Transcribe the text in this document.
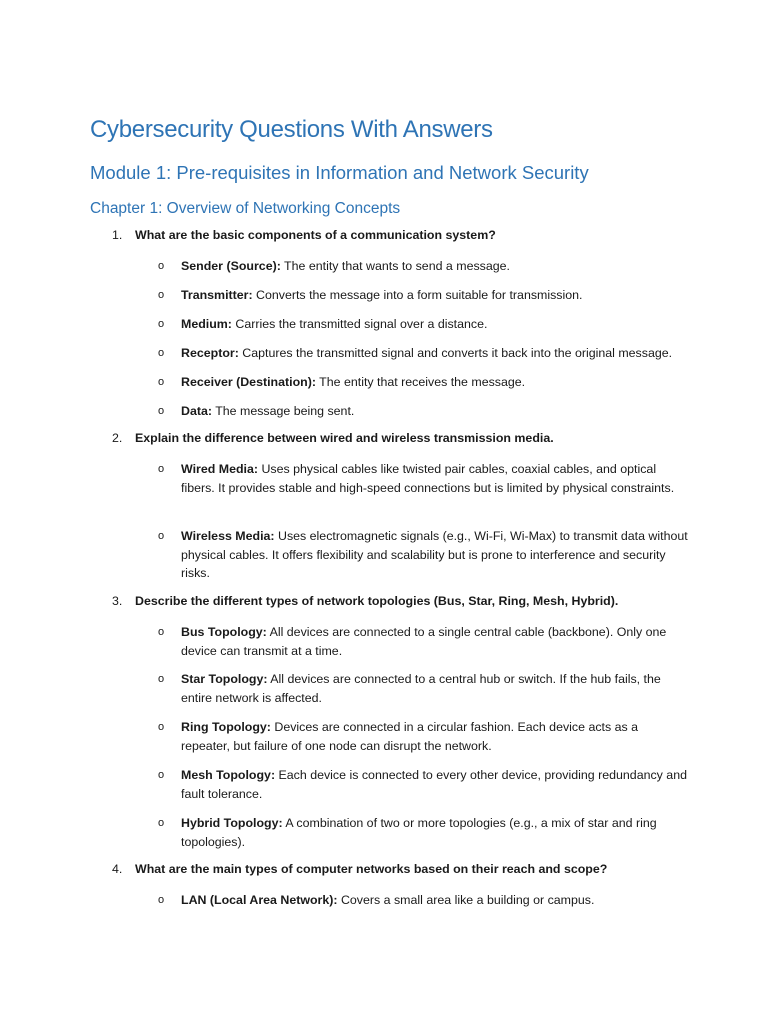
Cybersecurity Questions With Answers
Module 1: Pre-requisites in Information and Network Security
Chapter 1: Overview of Networking Concepts
1. What are the basic components of a communication system?
o Sender (Source): The entity that wants to send a message.
o Transmitter: Converts the message into a form suitable for transmission.
o Medium: Carries the transmitted signal over a distance.
o Receptor: Captures the transmitted signal and converts it back into the original message.
o Receiver (Destination): The entity that receives the message.
o Data: The message being sent.
2. Explain the difference between wired and wireless transmission media.
o Wired Media: Uses physical cables like twisted pair cables, coaxial cables, and optical fibers. It provides stable and high-speed connections but is limited by physical constraints.
o Wireless Media: Uses electromagnetic signals (e.g., Wi-Fi, Wi-Max) to transmit data without physical cables. It offers flexibility and scalability but is prone to interference and security risks.
3. Describe the different types of network topologies (Bus, Star, Ring, Mesh, Hybrid).
o Bus Topology: All devices are connected to a single central cable (backbone). Only one device can transmit at a time.
o Star Topology: All devices are connected to a central hub or switch. If the hub fails, the entire network is affected.
o Ring Topology: Devices are connected in a circular fashion. Each device acts as a repeater, but failure of one node can disrupt the network.
o Mesh Topology: Each device is connected to every other device, providing redundancy and fault tolerance.
o Hybrid Topology: A combination of two or more topologies (e.g., a mix of star and ring topologies).
4. What are the main types of computer networks based on their reach and scope?
o LAN (Local Area Network): Covers a small area like a building or campus.
